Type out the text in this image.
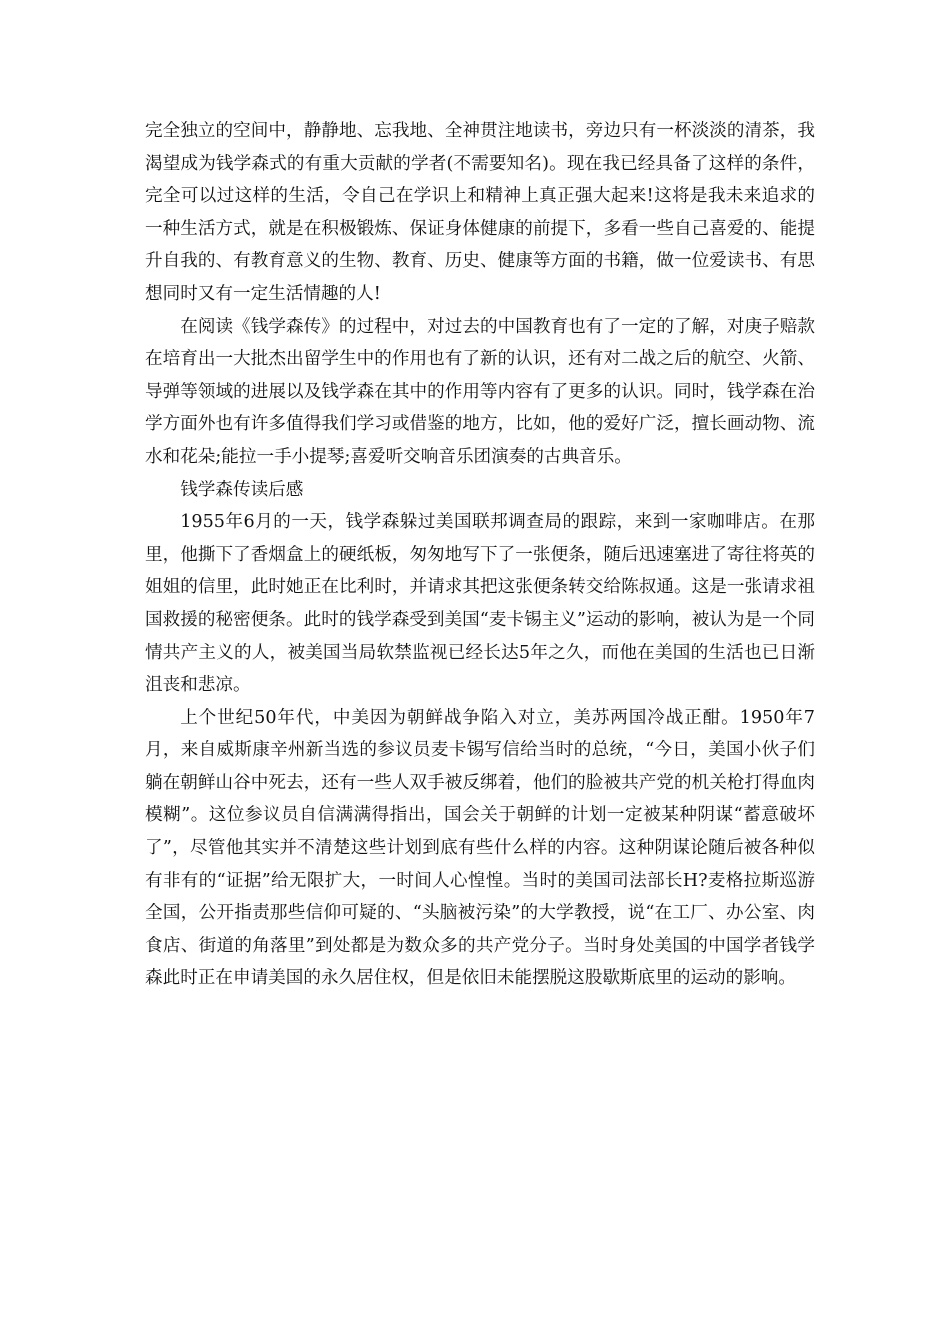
完全独立的空间中，静静地、忘我地、全神贯注地读书，旁边只有一杯淡淡的清茶，我渴望成为钱学森式的有重大贡献的学者(不需要知名)。现在我已经具备了这样的条件，完全可以过这样的生活，令自己在学识上和精神上真正强大起来!这将是我未来追求的一种生活方式，就是在积极锻炼、保证身体健康的前提下，多看一些自己喜爱的、能提升自我的、有教育意义的生物、教育、历史、健康等方面的书籍，做一位爱读书、有思想同时又有一定生活情趣的人!

在阅读《钱学森传》的过程中，对过去的中国教育也有了一定的了解，对庚子赔款在培育出一大批杰出留学生中的作用也有了新的认识，还有对二战之后的航空、火箭、导弹等领域的进展以及钱学森在其中的作用等内容有了更多的认识。同时，钱学森在治学方面外也有许多值得我们学习或借鉴的地方，比如，他的爱好广泛，擅长画动物、流水和花朵;能拉一手小提琴;喜爱听交响音乐团演奏的古典音乐。

钱学森传读后感

1955年6月的一天，钱学森躲过美国联邦调查局的跟踪，来到一家咖啡店。在那里，他撕下了香烟盒上的硬纸板，匆匆地写下了一张便条，随后迅速塞进了寄往将英的姐姐的信里，此时她正在比利时，并请求其把这张便条转交给陈叔通。这是一张请求祖国救援的秘密便条。此时的钱学森受到美国“麦卡锡主义”运动的影响，被认为是一个同情共产主义的人，被美国当局软禁监视已经长达5年之久，而他在美国的生活也已日渐沮丧和悲凉。

上个世纪50年代，中美因为朝鲜战争陷入对立，美苏两国冷战正酣。1950年7月，来自威斯康辛州新当选的参议员麦卡锡写信给当时的总统，“今日，美国小伙子们躺在朝鲜山谷中死去，还有一些人双手被反绑着，他们的脸被共产党的机关枪打得血肉模糊”。这位参议员自信满满得指出，国会关于朝鲜的计划一定被某种阴谋“蓄意破坏了”，尽管他其实并不清楚这些计划到底有些什么样的内容。这种阴谋论随后被各种似有非有的“证据”给无限扩大，一时间人心惶惶。当时的美国司法部长H?麦格拉斯巡游全国，公开指责那些信仰可疑的、“头脑被污染”的大学教授，说“在工厂、办公室、肉食店、街道的角落里”到处都是为数众多的共产党分子。当时身处美国的中国学者钱学森此时正在申请美国的永久居住权，但是依旧未能摆脱这股歇斯底里的运动的影响。
